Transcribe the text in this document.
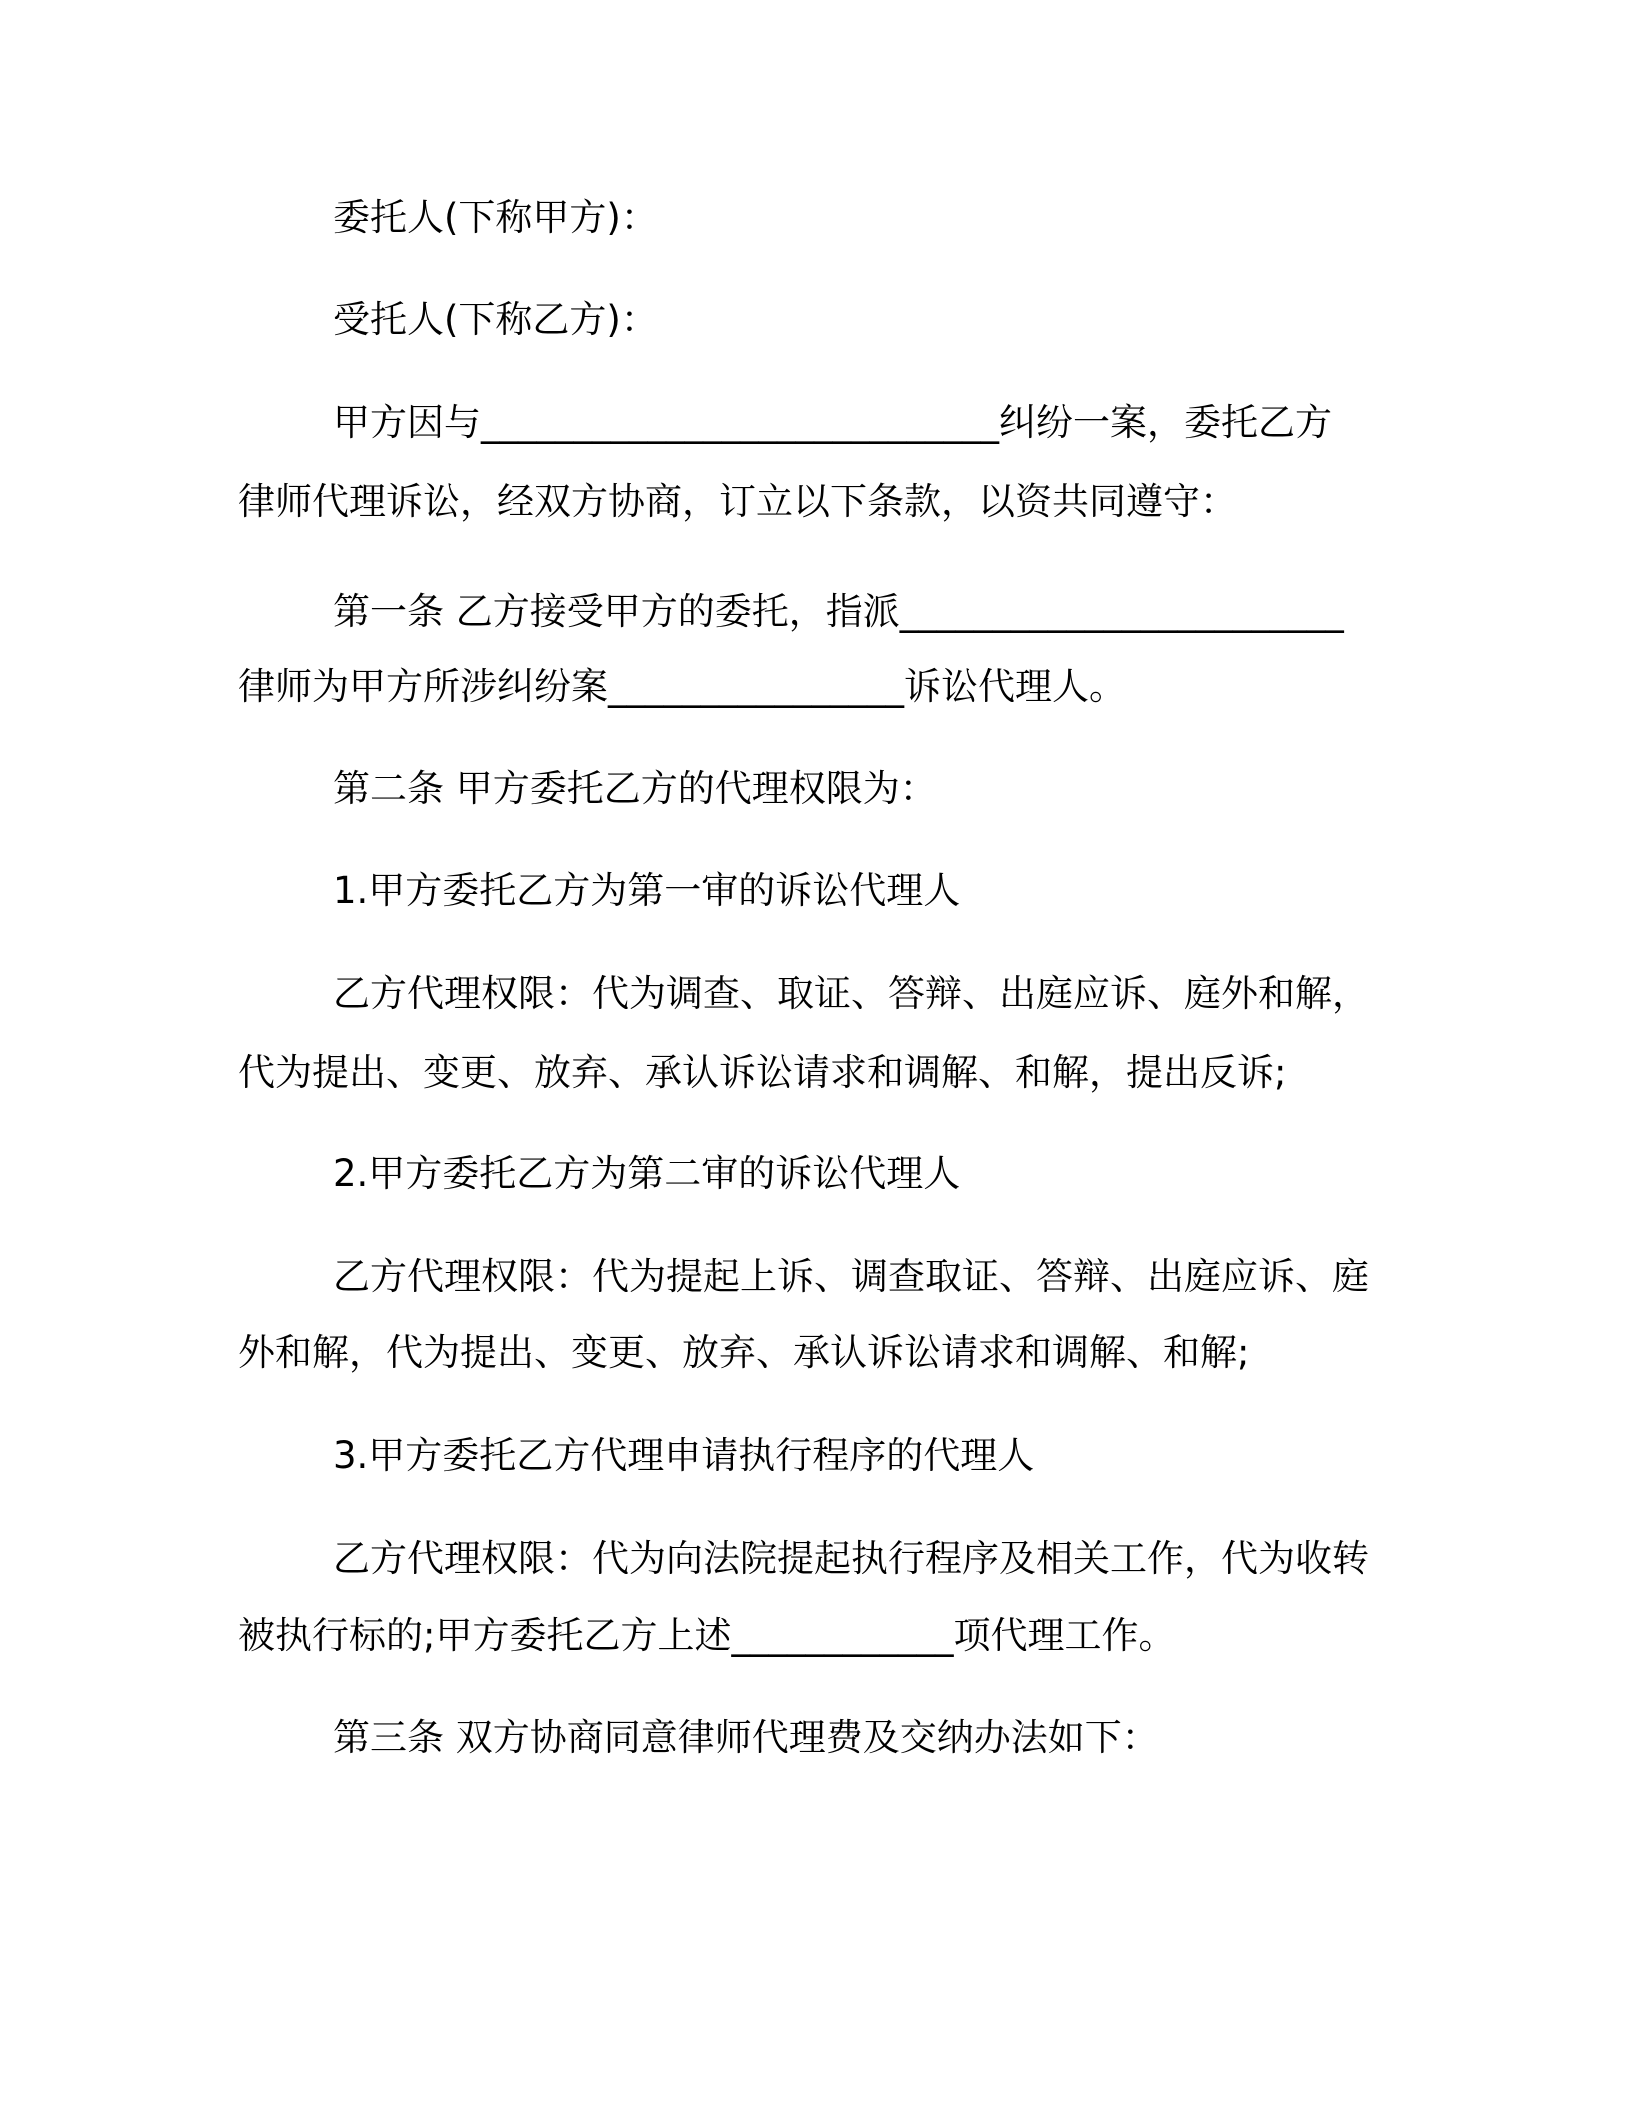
委托人(下称甲方)：

受托人(下称乙方)：

甲方因与____________________________纠纷一案，委托乙方

律师代理诉讼，经双方协商，订立以下条款，以资共同遵守：

第一条 乙方接受甲方的委托，指派________________________

律师为甲方所涉纠纷案________________诉讼代理人。

第二条 甲方委托乙方的代理权限为：

1.甲方委托乙方为第一审的诉讼代理人

乙方代理权限：代为调查、取证、答辩、出庭应诉、庭外和解，

代为提出、变更、放弃、承认诉讼请求和调解、和解，提出反诉;

2.甲方委托乙方为第二审的诉讼代理人

乙方代理权限：代为提起上诉、调查取证、答辩、出庭应诉、庭

外和解，代为提出、变更、放弃、承认诉讼请求和调解、和解;

3.甲方委托乙方代理申请执行程序的代理人

乙方代理权限：代为向法院提起执行程序及相关工作，代为收转

被执行标的;甲方委托乙方上述____________项代理工作。

第三条 双方协商同意律师代理费及交纳办法如下：
